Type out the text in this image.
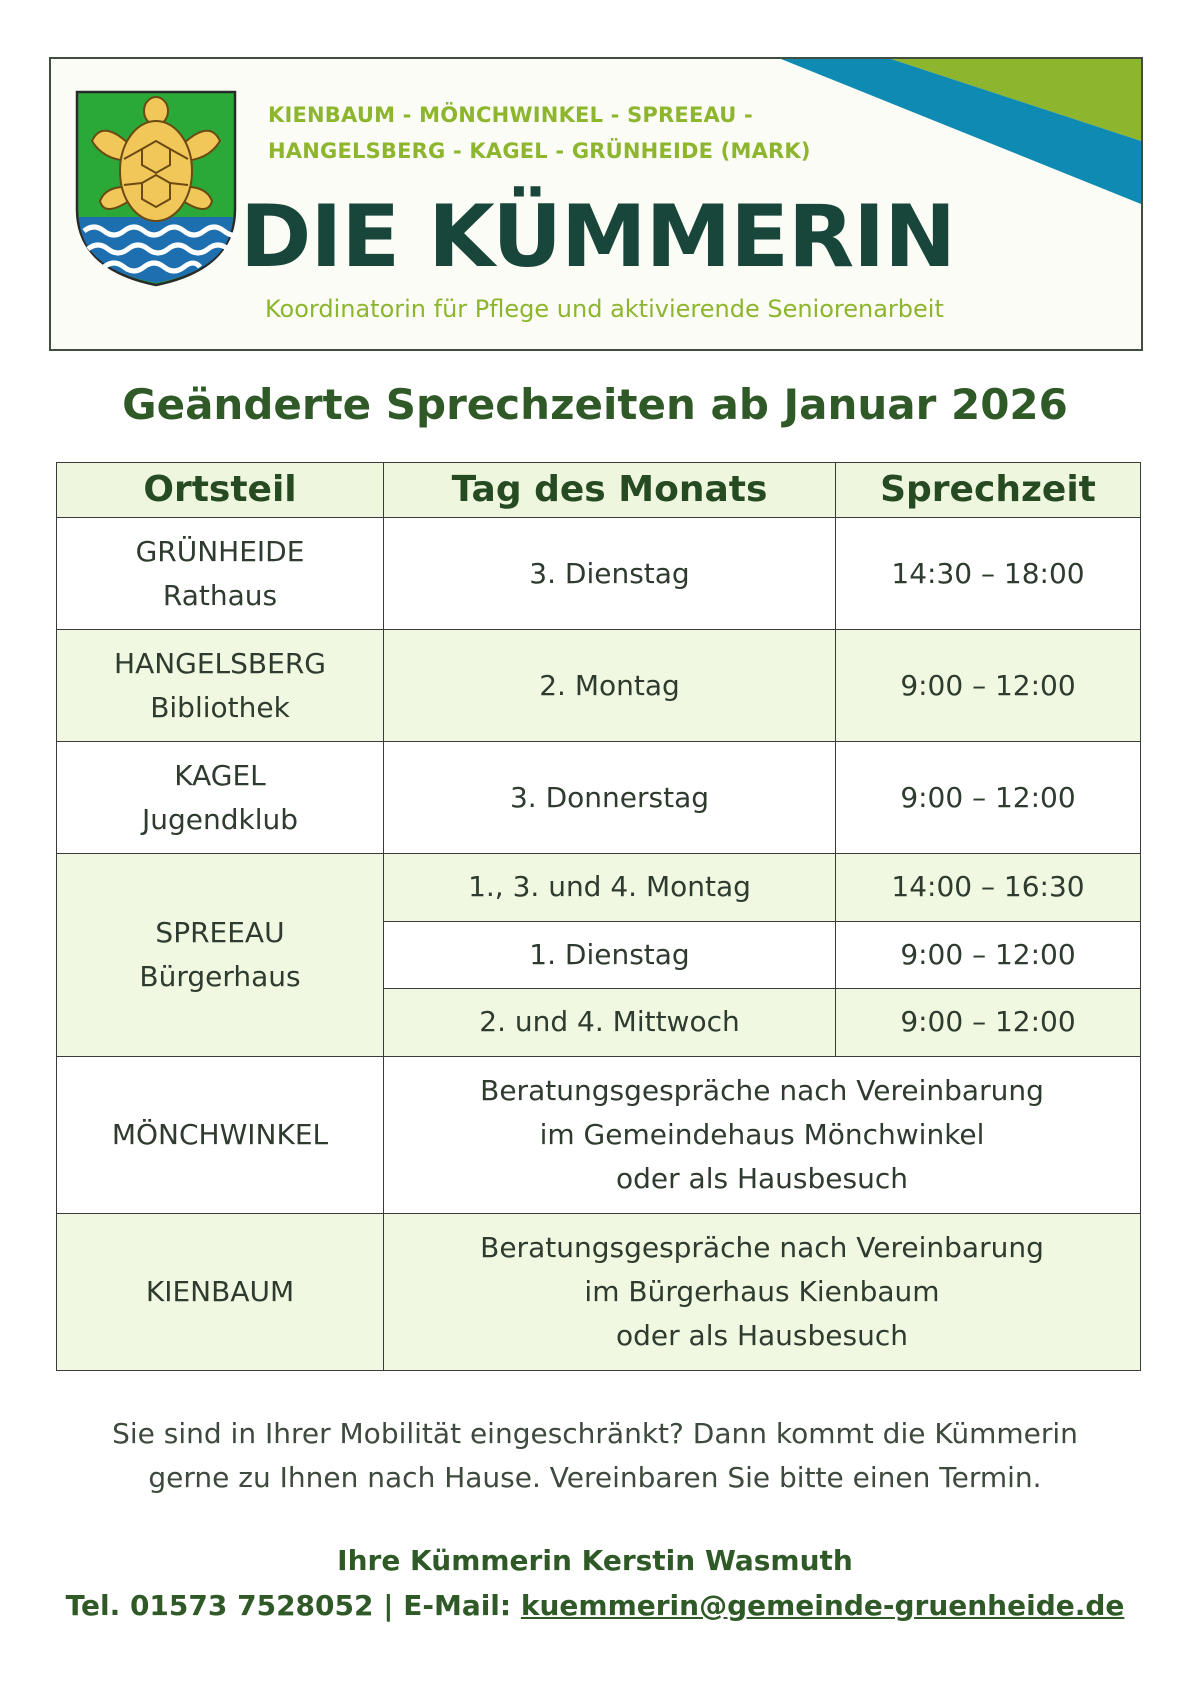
KIENBAUM - MÖNCHWINKEL - SPREEAU -
HANGELSBERG - KAGEL - GRÜNHEIDE (MARK)
DIE KÜMMERIN
Koordinatorin für Pflege und aktivierende Seniorenarbeit
Geänderte Sprechzeiten ab Januar 2026
Ortsteil	Tag des Monats	Sprechzeit

GRÜNHEIDE
Rathaus	3. Dienstag	14:30 – 18:00

HANGELSBERG
Bibliothek	2. Montag	9:00 – 12:00

KAGEL
Jugendklub	3. Donnerstag	9:00 – 12:00

SPREEAU
Bürgerhaus	1., 3. und 4. Montag	14:00 – 16:30
	1. Dienstag	9:00 – 12:00
	2. und 4. Mittwoch	9:00 – 12:00
MÖNCHWINKEL	Beratungsgespräche nach Vereinbarung
im Gemeindehaus Mönchwinkel
oder als Hausbesuch	

KIENBAUM	Beratungsgespräche nach Vereinbarung
im Bürgerhaus Kienbaum
oder als Hausbesuch	
Sie sind in Ihrer Mobilität eingeschränkt? Dann kommt die Kümmerin
gerne zu Ihnen nach Hause. Vereinbaren Sie bitte einen Termin.
Ihre Kümmerin Kerstin Wasmuth
Tel. 01573 7528052 | E-Mail: kuemmerin@gemeinde-gruenheide.de
